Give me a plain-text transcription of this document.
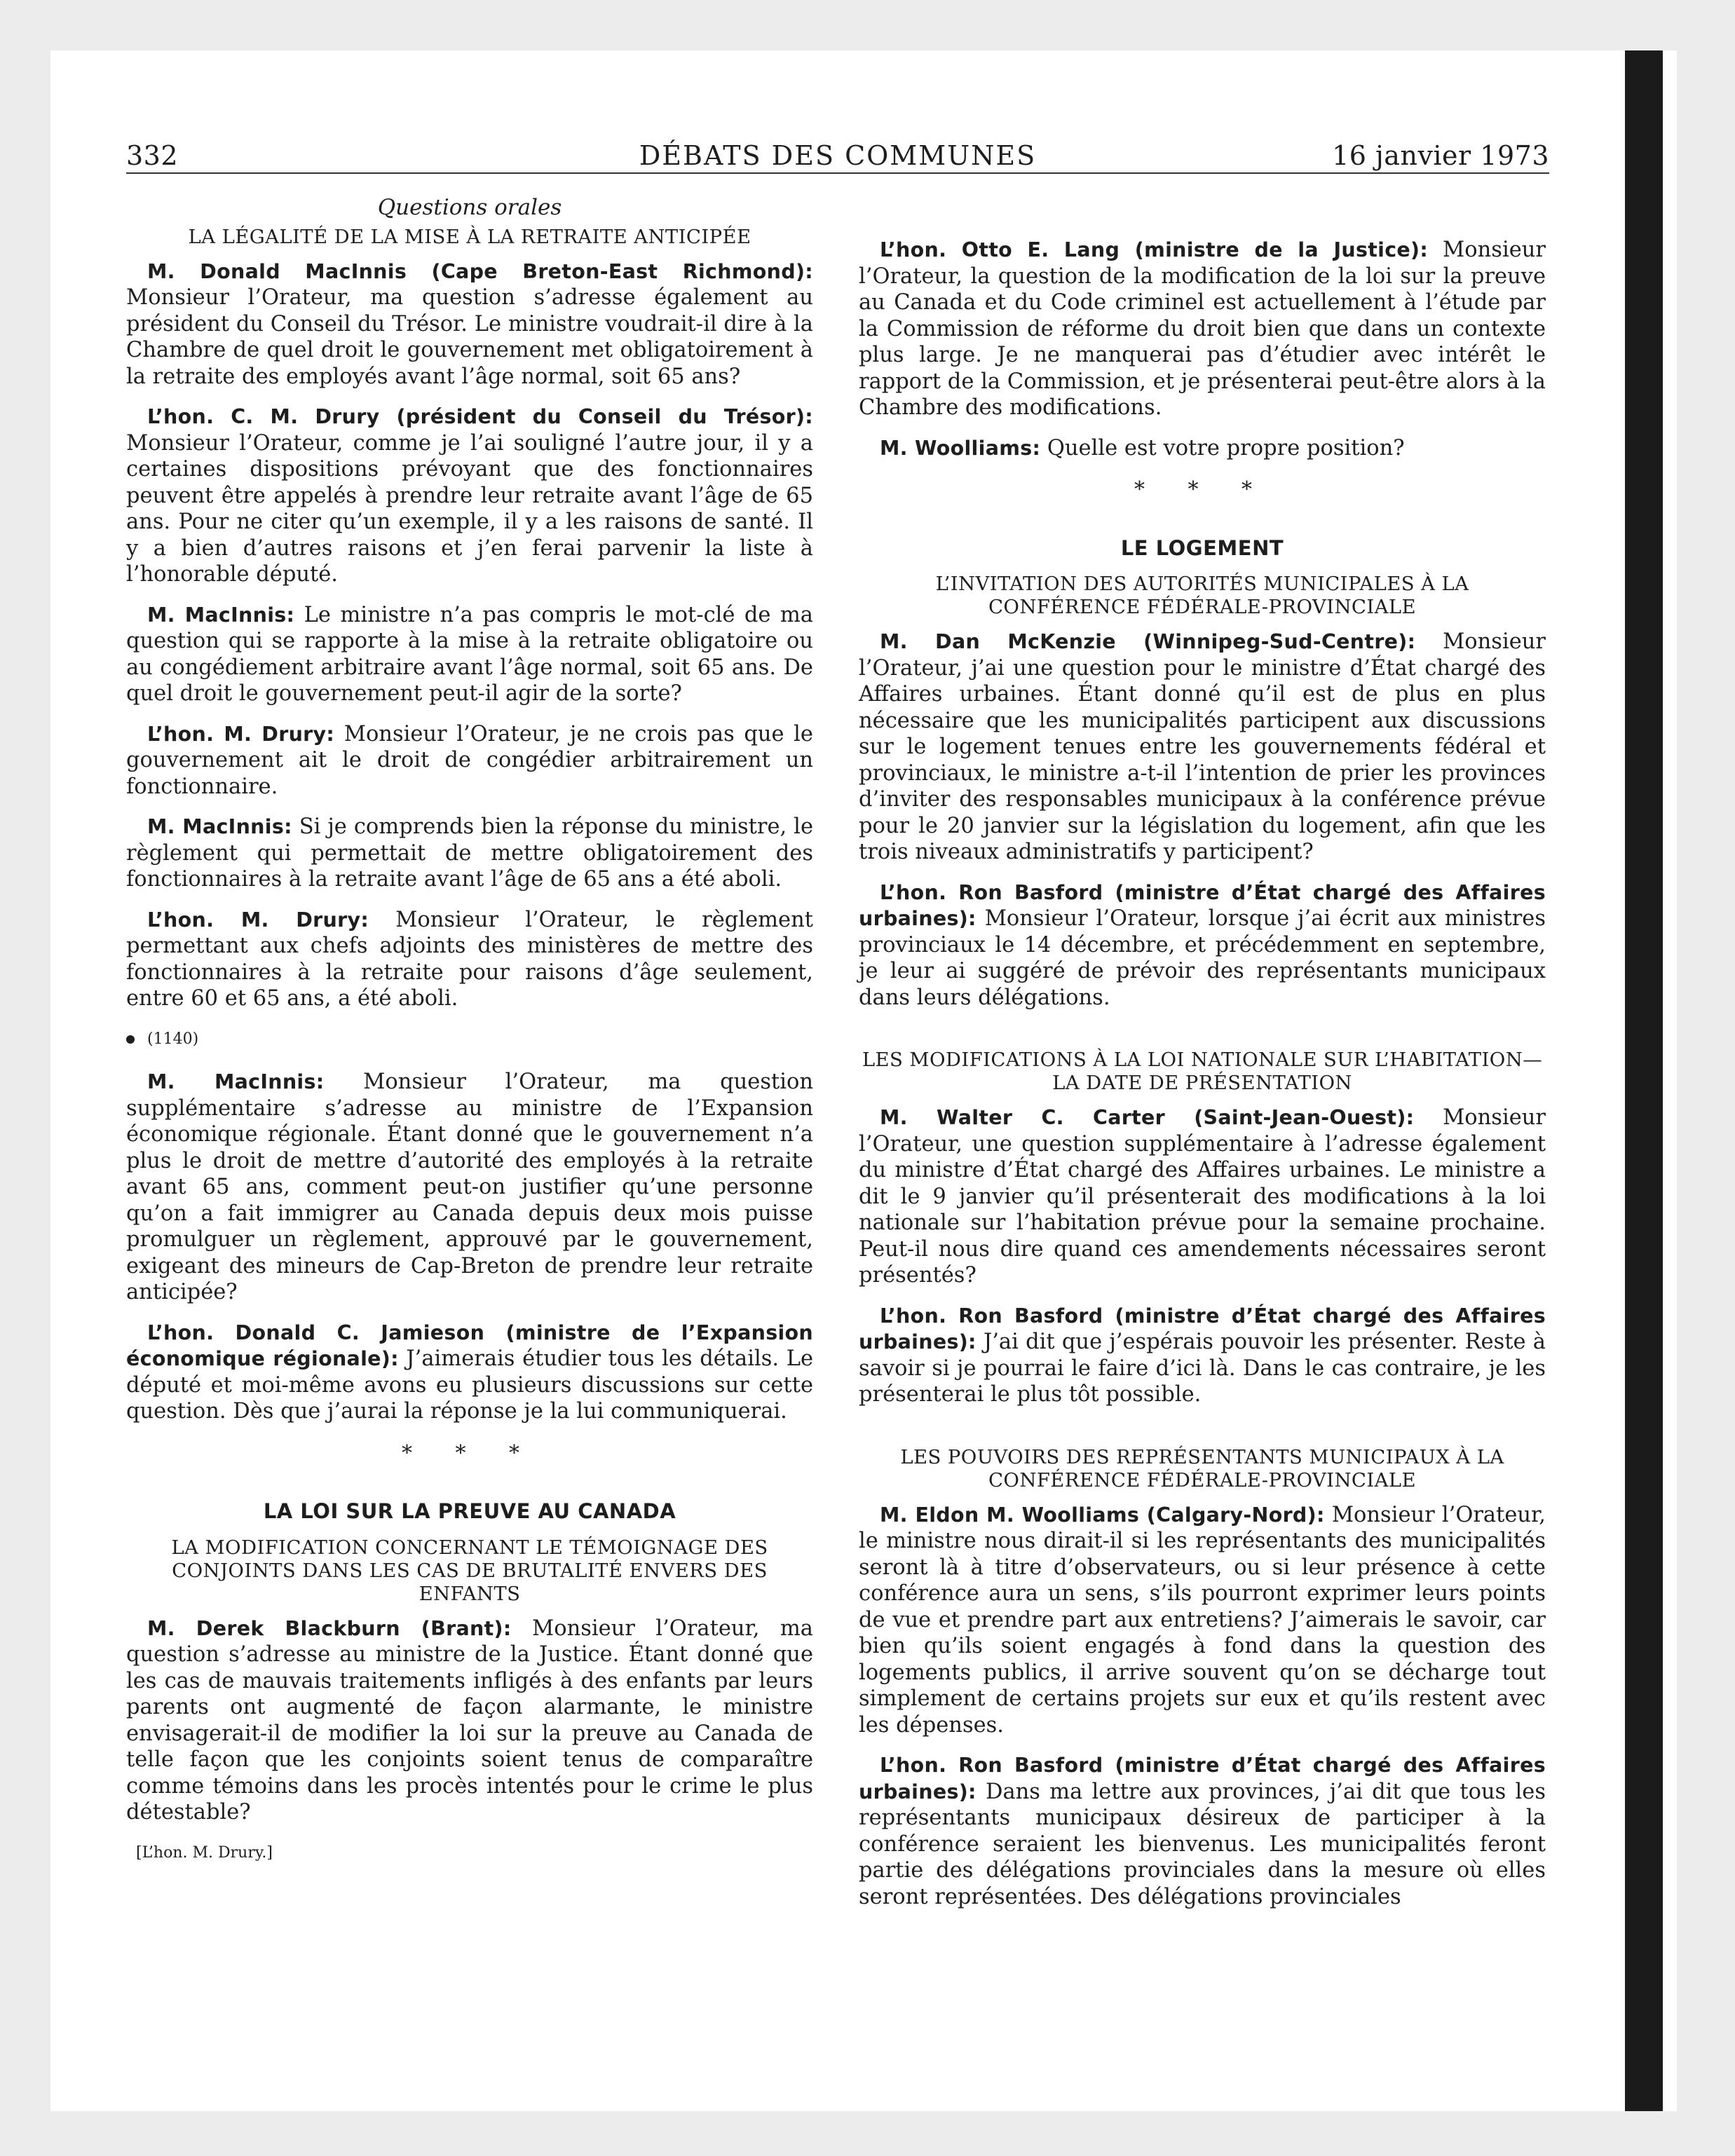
332	DÉBATS DES COMMUNES	16 janvier 1973
Questions orales
LA LÉGALITÉ DE LA MISE À LA RETRAITE ANTICIPÉE

M. Donald MacInnis (Cape Breton-East Richmond): Monsieur l’Orateur, ma question s’adresse également au président du Conseil du Trésor. Le ministre voudrait-il dire à la Chambre de quel droit le gouvernement met obligatoirement à la retraite des employés avant l’âge normal, soit 65 ans?

L’hon. C. M. Drury (président du Conseil du Trésor): Monsieur l’Orateur, comme je l’ai souligné l’autre jour, il y a certaines dispositions prévoyant que des fonctionnaires peuvent être appelés à prendre leur retraite avant l’âge de 65 ans. Pour ne citer qu’un exemple, il y a les raisons de santé. Il y a bien d’autres raisons et j’en ferai parvenir la liste à l’honorable député.

M. MacInnis: Le ministre n’a pas compris le mot-clé de ma question qui se rapporte à la mise à la retraite obligatoire ou au congédiement arbitraire avant l’âge normal, soit 65 ans. De quel droit le gouvernement peut-il agir de la sorte?

L’hon. M. Drury: Monsieur l’Orateur, je ne crois pas que le gouvernement ait le droit de congédier arbitrairement un fonctionnaire.

M. MacInnis: Si je comprends bien la réponse du ministre, le règlement qui permettait de mettre obligatoirement des fonctionnaires à la retraite avant l’âge de 65 ans a été aboli.

L’hon. M. Drury: Monsieur l’Orateur, le règlement permettant aux chefs adjoints des ministères de mettre des fonctionnaires à la retraite pour raisons d’âge seulement, entre 60 et 65 ans, a été aboli.

(1140)

M. MacInnis: Monsieur l’Orateur, ma question supplémentaire s’adresse au ministre de l’Expansion économique régionale. Étant donné que le gouvernement n’a plus le droit de mettre d’autorité des employés à la retraite avant 65 ans, comment peut-on justifier qu’une personne qu’on a fait immigrer au Canada depuis deux mois puisse promulguer un règlement, approuvé par le gouvernement, exigeant des mineurs de Cap-Breton de prendre leur retraite anticipée?

L’hon. Donald C. Jamieson (ministre de l’Expansion économique régionale): J’aimerais étudier tous les détails. Le député et moi-même avons eu plusieurs discussions sur cette question. Dès que j’aurai la réponse je la lui communiquerai.

* * *
LA LOI SUR LA PREUVE AU CANADA
LA MODIFICATION CONCERNANT LE TÉMOIGNAGE DES CONJOINTS DANS LES CAS DE BRUTALITÉ ENVERS DES ENFANTS

M. Derek Blackburn (Brant): Monsieur l’Orateur, ma question s’adresse au ministre de la Justice. Étant donné que les cas de mauvais traitements infligés à des enfants par leurs parents ont augmenté de façon alarmante, le ministre envisagerait-il de modifier la loi sur la preuve au Canada de telle façon que les conjoints soient tenus de comparaître comme témoins dans les procès intentés pour le crime le plus détestable?

[L’hon. M. Drury.]

L’hon. Otto E. Lang (ministre de la Justice): Monsieur l’Orateur, la question de la modification de la loi sur la preuve au Canada et du Code criminel est actuellement à l’étude par la Commission de réforme du droit bien que dans un contexte plus large. Je ne manquerai pas d’étudier avec intérêt le rapport de la Commission, et je présenterai peut-être alors à la Chambre des modifications.

M. Woolliams: Quelle est votre propre position?

* * *
LE LOGEMENT
L’INVITATION DES AUTORITÉS MUNICIPALES À LA CONFÉRENCE FÉDÉRALE-PROVINCIALE

M. Dan McKenzie (Winnipeg-Sud-Centre): Monsieur l’Orateur, j’ai une question pour le ministre d’État chargé des Affaires urbaines. Étant donné qu’il est de plus en plus nécessaire que les municipalités participent aux discussions sur le logement tenues entre les gouvernements fédéral et provinciaux, le ministre a-t-il l’intention de prier les provinces d’inviter des responsables municipaux à la conférence prévue pour le 20 janvier sur la législation du logement, afin que les trois niveaux administratifs y participent?

L’hon. Ron Basford (ministre d’État chargé des Affaires urbaines): Monsieur l’Orateur, lorsque j’ai écrit aux ministres provinciaux le 14 décembre, et précédemment en septembre, je leur ai suggéré de prévoir des représentants municipaux dans leurs délégations.

LES MODIFICATIONS À LA LOI NATIONALE SUR L’HABITATION—LA DATE DE PRÉSENTATION

M. Walter C. Carter (Saint-Jean-Ouest): Monsieur l’Orateur, une question supplémentaire à l’adresse également du ministre d’État chargé des Affaires urbaines. Le ministre a dit le 9 janvier qu’il présenterait des modifications à la loi nationale sur l’habitation prévue pour la semaine prochaine. Peut-il nous dire quand ces amendements nécessaires seront présentés?

L’hon. Ron Basford (ministre d’État chargé des Affaires urbaines): J’ai dit que j’espérais pouvoir les présenter. Reste à savoir si je pourrai le faire d’ici là. Dans le cas contraire, je les présenterai le plus tôt possible.

LES POUVOIRS DES REPRÉSENTANTS MUNICIPAUX À LA CONFÉRENCE FÉDÉRALE-PROVINCIALE

M. Eldon M. Woolliams (Calgary-Nord): Monsieur l’Orateur, le ministre nous dirait-il si les représentants des municipalités seront là à titre d’observateurs, ou si leur présence à cette conférence aura un sens, s’ils pourront exprimer leurs points de vue et prendre part aux entretiens? J’aimerais le savoir, car bien qu’ils soient engagés à fond dans la question des logements publics, il arrive souvent qu’on se décharge tout simplement de certains projets sur eux et qu’ils restent avec les dépenses.

L’hon. Ron Basford (ministre d’État chargé des Affaires urbaines): Dans ma lettre aux provinces, j’ai dit que tous les représentants municipaux désireux de participer à la conférence seraient les bienvenus. Les municipalités feront partie des délégations provinciales dans la mesure où elles seront représentées. Des délégations provinciales
